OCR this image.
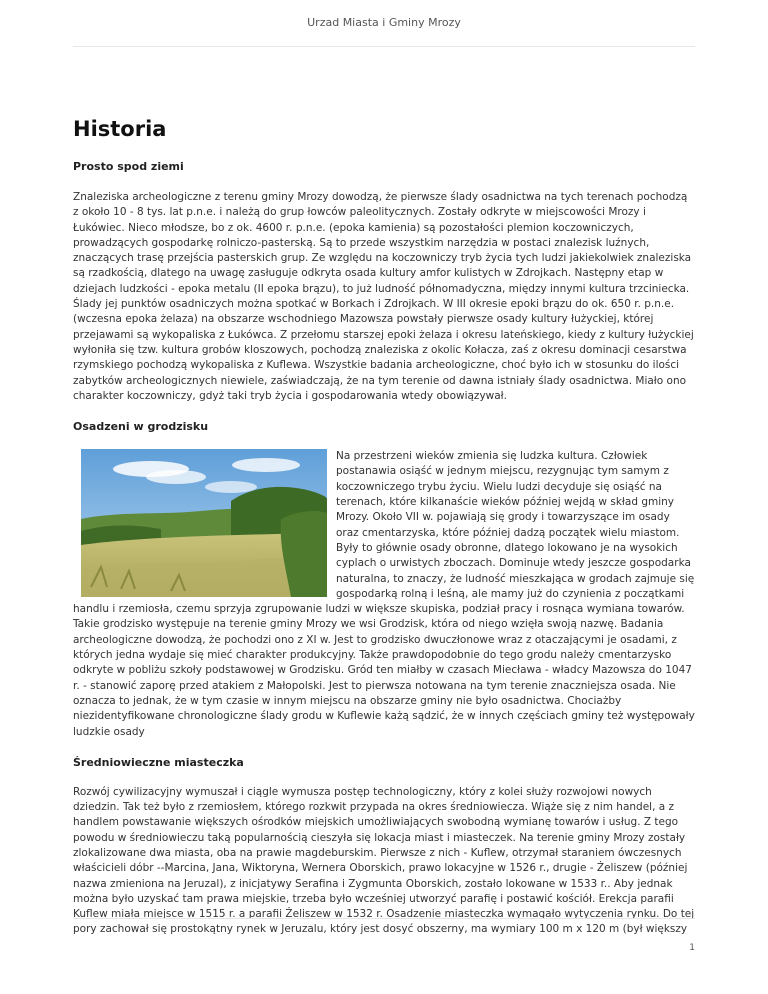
Urzad Miasta i Gminy Mrozy
Historia
Prosto spod ziemi

Znaleziska archeologiczne z terenu gminy Mrozy dowodzą, że pierwsze ślady osadnictwa na tych terenach pochodzą z około 10 - 8 tys. lat p.n.e. i należą do grup łowców paleolitycznych. Zostały odkryte w miejscowości Mrozy i Łukówiec. Nieco młodsze, bo z ok. 4600 r. p.n.e. (epoka kamienia) są pozostałości plemion koczowniczych, prowadzących gospodarkę rolniczo-pasterską. Są to przede wszystkim narzędzia w postaci znalezisk luźnych, znaczących trasę przejścia pasterskich grup. Ze względu na koczowniczy tryb życia tych ludzi jakiekolwiek znaleziska są rzadkością, dlatego na uwagę zasługuje odkryta osada kultury amfor kulistych w Zdrojkach. Następny etap w dziejach ludzkości - epoka metalu (II epoka brązu), to już ludność półnomadyczna, między innymi kultura trzciniecka. Ślady jej punktów osadniczych można spotkać w Borkach i Zdrojkach. W III okresie epoki brązu do ok. 650 r. p.n.e. (wczesna epoka żelaza) na obszarze wschodniego Mazowsza powstały pierwsze osady kultury łużyckiej, której przejawami są wykopaliska z Łukówca. Z przełomu starszej epoki żelaza i okresu lateńskiego, kiedy z kultury łużyckiej wyłoniła się tzw. kultura grobów kloszowych, pochodzą znaleziska z okolic Kołacza, zaś z okresu dominacji cesarstwa rzymskiego pochodzą wykopaliska z Kuflewa. Wszystkie badania archeologiczne, choć było ich w stosunku do ilości zabytków archeologicznych niewiele, zaświadczają, że na tym terenie od dawna istniały ślady osadnictwa. Miało ono charakter koczowniczy, gdyż taki tryb życia i gospodarowania wtedy obowiązywał.

Osadzeni w grodzisku

Na przestrzeni wieków zmienia się ludzka kultura. Człowiek postanawia osiąść w jednym miejscu, rezygnując tym samym z koczowniczego trybu życiu. Wielu ludzi decyduje się osiąść na terenach, które kilkanaście wieków później wejdą w skład gminy Mrozy. Około VII w. pojawiają się grody i towarzyszące im osady oraz cmentarzyska, które później dadzą początek wielu miastom. Były to głównie osady obronne, dlatego lokowano je na wysokich cyplach o urwistych zboczach. Dominuje wtedy jeszcze gospodarka naturalna, to znaczy, że ludność mieszkająca w grodach zajmuje się gospodarką rolną i leśną, ale mamy już do czynienia z początkami handlu i rzemiosła, czemu sprzyja zgrupowanie ludzi w większe skupiska, podział pracy i rosnąca wymiana towarów. Takie grodzisko występuje na terenie gminy Mrozy we wsi Grodzisk, która od niego wzięła swoją nazwę. Badania archeologiczne dowodzą, że pochodzi ono z XI w. Jest to grodzisko dwuczłonowe wraz z otaczającymi je osadami, z których jedna wydaje się mieć charakter produkcyjny. Także prawdopodobnie do tego grodu należy cmentarzysko odkryte w pobliżu szkoły podstawowej w Grodzisku. Gród ten miałby w czasach Miecława - władcy Mazowsza do 1047 r. - stanowić zaporę przed atakiem z Małopolski. Jest to pierwsza notowana na tym terenie znaczniejsza osada. Nie oznacza to jednak, że w tym czasie w innym miejscu na obszarze gminy nie było osadnictwa. Chociażby niezidentyfikowane chronologiczne ślady grodu w Kuflewie każą sądzić, że w innych częściach gminy też występowały ludzkie osady

Średniowieczne miasteczka

Rozwój cywilizacyjny wymuszał i ciągle wymusza postęp technologiczny, który z kolei służy rozwojowi nowych dziedzin. Tak też było z rzemiosłem, którego rozkwit przypada na okres średniowiecza. Wiąże się z nim handel, a z handlem powstawanie większych ośrodków miejskich umożliwiających swobodną wymianę towarów i usług. Z tego powodu w średniowieczu taką popularnością cieszyła się lokacja miast i miasteczek. Na terenie gminy Mrozy zostały zlokalizowane dwa miasta, oba na prawie magdeburskim. Pierwsze z nich - Kuflew, otrzymał staraniem ówczesnych właścicieli dóbr --Marcina, Jana, Wiktoryna, Wernera Oborskich, prawo lokacyjne w 1526 r., drugie - Żeliszew (później nazwa zmieniona na Jeruzal), z inicjatywy Serafina i Zygmunta Oborskich, zostało lokowane w 1533 r.. Aby jednak można było uzyskać tam prawa miejskie, trzeba było wcześniej utworzyć parafię i postawić kościół. Erekcja parafii Kuflew miała miejsce w 1515 r. a parafii Żeliszew w 1532 r. Osadzenie miasteczka wymagało wytyczenia rynku. Do tej pory zachował się prostokątny rynek w Jeruzalu, który jest dosyć obszerny, ma wymiary 100 m x 120 m (był większy

1
